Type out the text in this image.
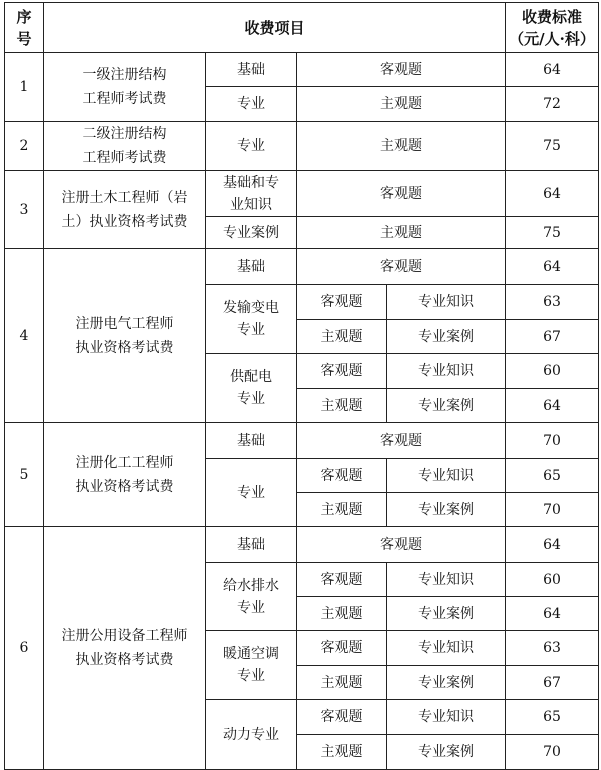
序
号	收费项目				收费标准
（元/人·科）
1	一级注册结构
工程师考试费	基础	客观题		64
		专业	主观题		72
2	二级注册结构
工程师考试费	专业	主观题		75
3	注册土木工程师（岩
土）执业资格考试费	基础和专
业知识	客观题		64
		专业案例	主观题		75
4	注册电气工程师
执业资格考试费	基础	客观题		64
		发输变电
专业	客观题	专业知识	63
			主观题	专业案例	67
		供配电
专业	客观题	专业知识	60
			主观题	专业案例	64
5	注册化工工程师
执业资格考试费	基础	客观题		70
		专业	客观题	专业知识	65
			主观题	专业案例	70
6	注册公用设备工程师
执业资格考试费	基础	客观题		64
		给水排水
专业	客观题	专业知识	60
			主观题	专业案例	64
		暖通空调
专业	客观题	专业知识	63
			主观题	专业案例	67
		动力专业	客观题	专业知识	65
			主观题	专业案例	70
